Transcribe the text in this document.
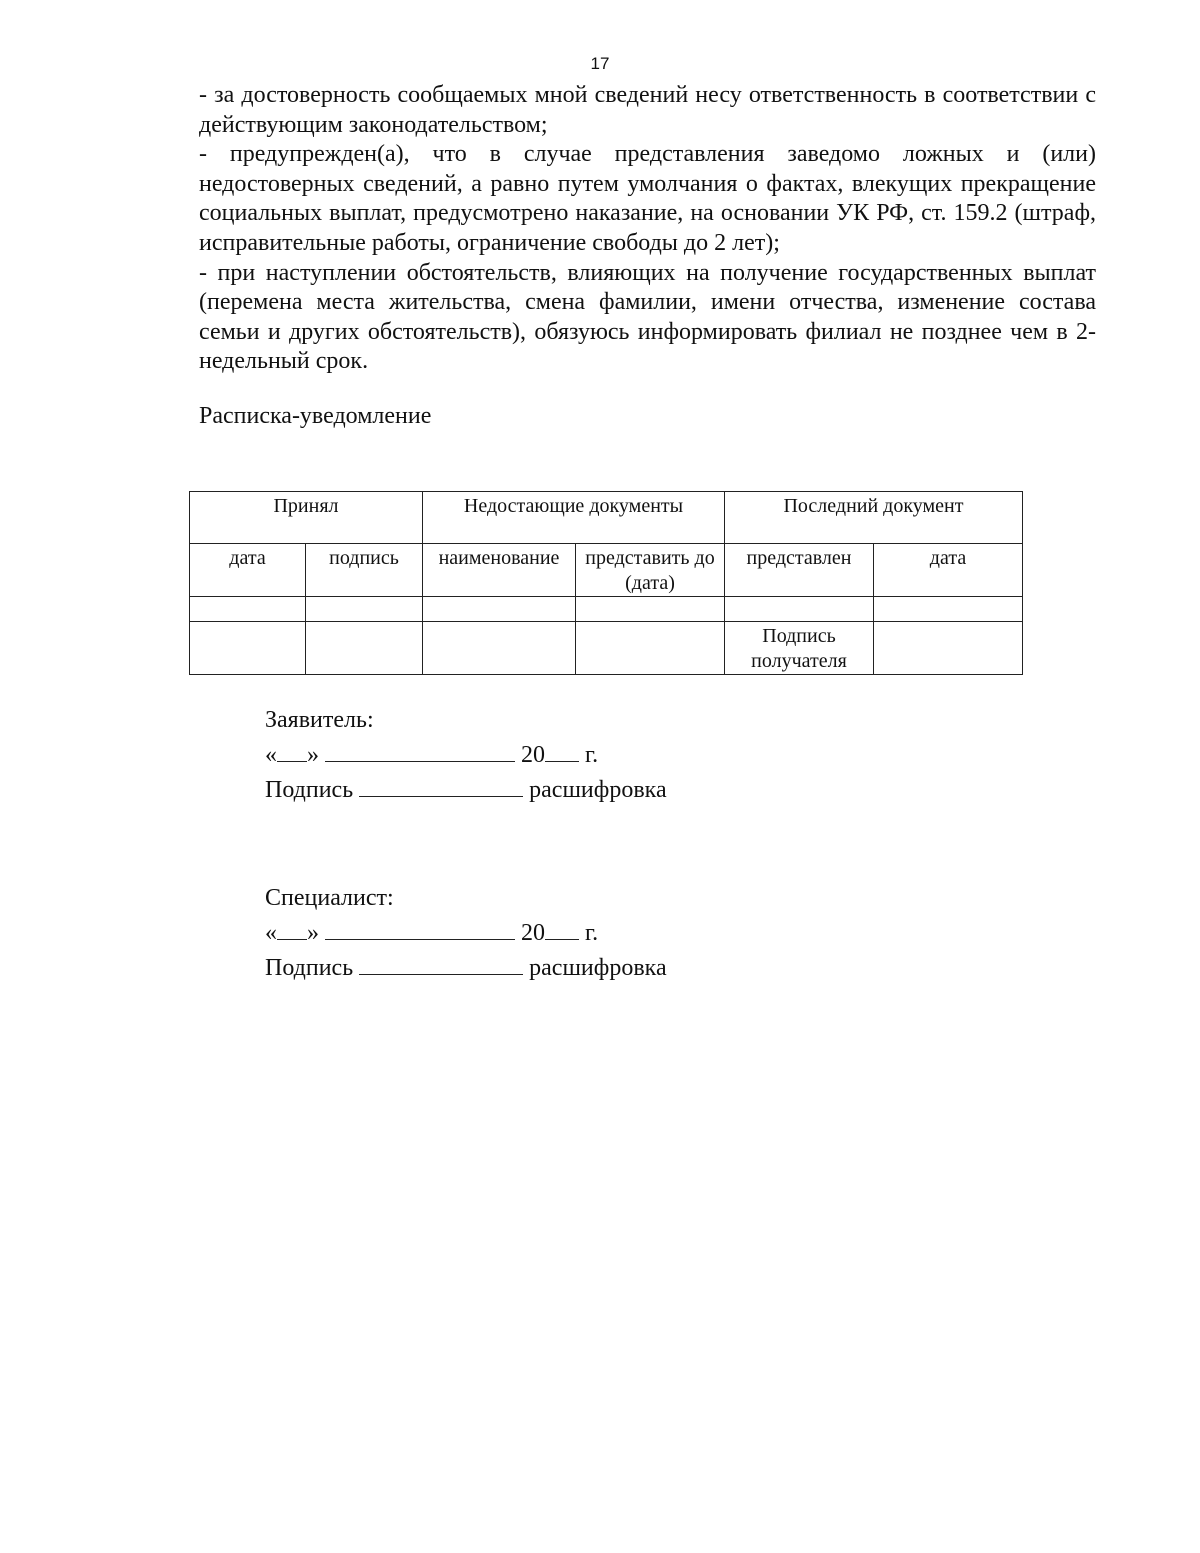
17

- за достоверность сообщаемых мной сведений несу ответственность в соответствии с действующим законодательством;

- предупрежден(а), что в случае представления заведомо ложных и (или) недостоверных сведений, а равно путем умолчания о фактах, влекущих прекращение социальных выплат, предусмотрено наказание, на основании УК РФ, ст. 159.2 (штраф, исправительные работы, ограничение свободы до 2 лет);

- при наступлении обстоятельств, влияющих на получение государственных выплат (перемена места жительства, смена фамилии, имени отчества, изменение состава семьи и других обстоятельств), обязуюсь информировать филиал не позднее чем в 2-недельный срок.

Расписка-уведомление
Принял		Недостающие документы		Последний документ	
дата	подпись	наименование	представить до (дата)	представлен	дата

				Подпись получателя	
Заявитель:
« »	20 г.
Подпись	расшифровка
Специалист:
« »	20 г.
Подпись	расшифровка
